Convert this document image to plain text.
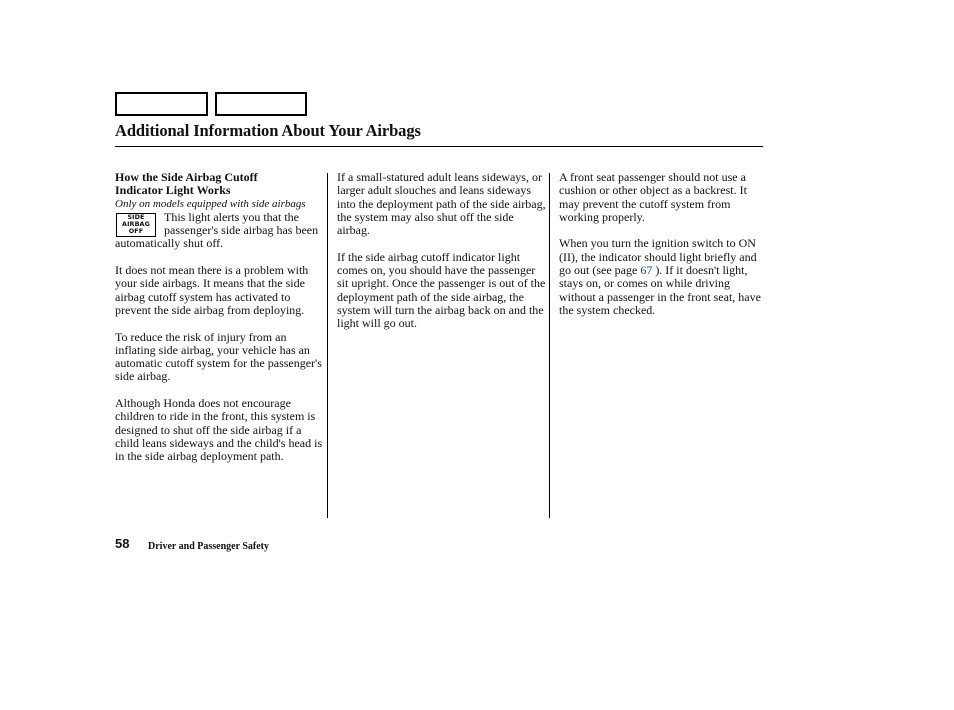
Additional Information About Your Airbags
How the Side Airbag Cutoff
Indicator Light Works
Only on models equipped with side airbags
SIDE
AIRBAG
OFF

This light alerts you that the passenger's side airbag has been automatically shut off.

It does not mean there is a problem with your side airbags. It means that the side airbag cutoff system has activated to prevent the side airbag from deploying.

To reduce the risk of injury from an inflating side airbag, your vehicle has an automatic cutoff system for the passenger's side airbag.

Although Honda does not encourage children to ride in the front, this system is designed to shut off the side airbag if a child leans sideways and the child's head is in the side airbag deployment path.

If a small-statured adult leans sideways, or larger adult slouches and leans sideways into the deployment path of the side airbag, the system may also shut off the side airbag.

If the side airbag cutoff indicator light comes on, you should have the passenger sit upright. Once the passenger is out of the deployment path of the side airbag, the system will turn the airbag back on and the light will go out.

A front seat passenger should not use a cushion or other object as a backrest. It may prevent the cutoff system from working properly.

When you turn the ignition switch to ON (II), the indicator should light briefly and go out (see page 67 ). If it doesn't light, stays on, or comes on while driving without a passenger in the front seat, have the system checked.

58 Driver and Passenger Safety
